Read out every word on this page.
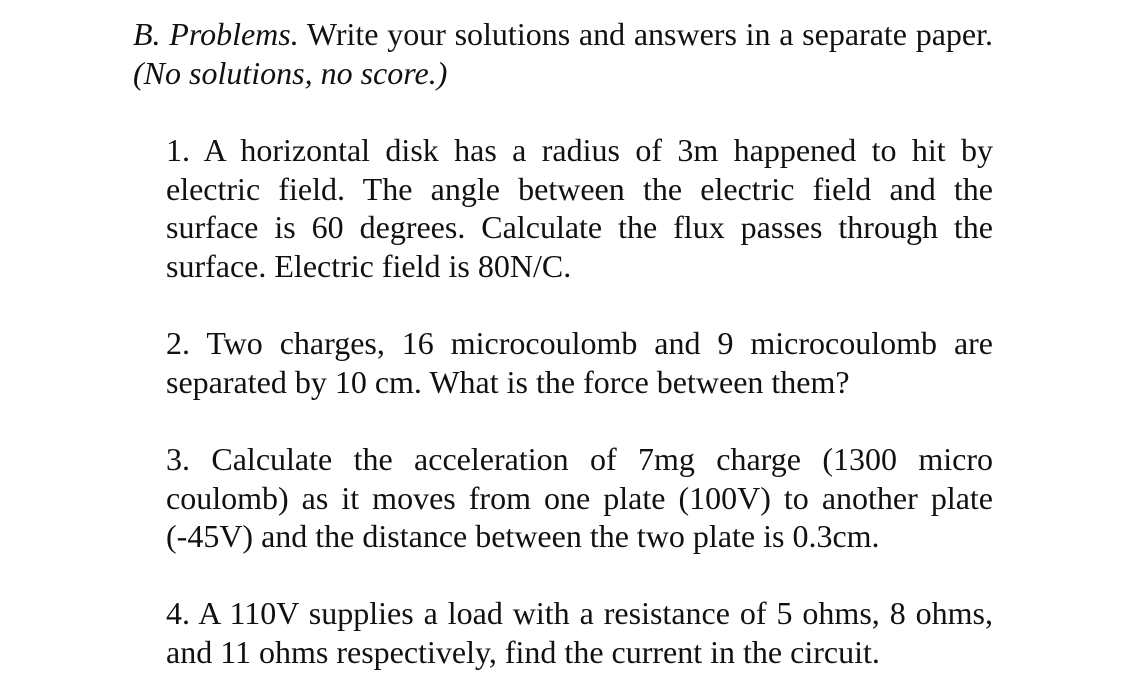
B. Problems. Write your solutions and answers in a separate paper. (No solutions, no score.)

1. A horizontal disk has a radius of 3m happened to hit by electric field. The angle between the electric field and the surface is 60 degrees. Calculate the flux passes through the surface. Electric field is 80N/C.

2. Two charges, 16 microcoulomb and 9 microcoulomb are separated by 10 cm. What is the force between them?

3. Calculate the acceleration of 7mg charge (1300 micro coulomb) as it moves from one plate (100V) to another plate (-45V) and the distance between the two plate is 0.3cm.

4. A 110V supplies a load with a resistance of 5 ohms, 8 ohms, and 11 ohms respectively, find the current in the circuit.
